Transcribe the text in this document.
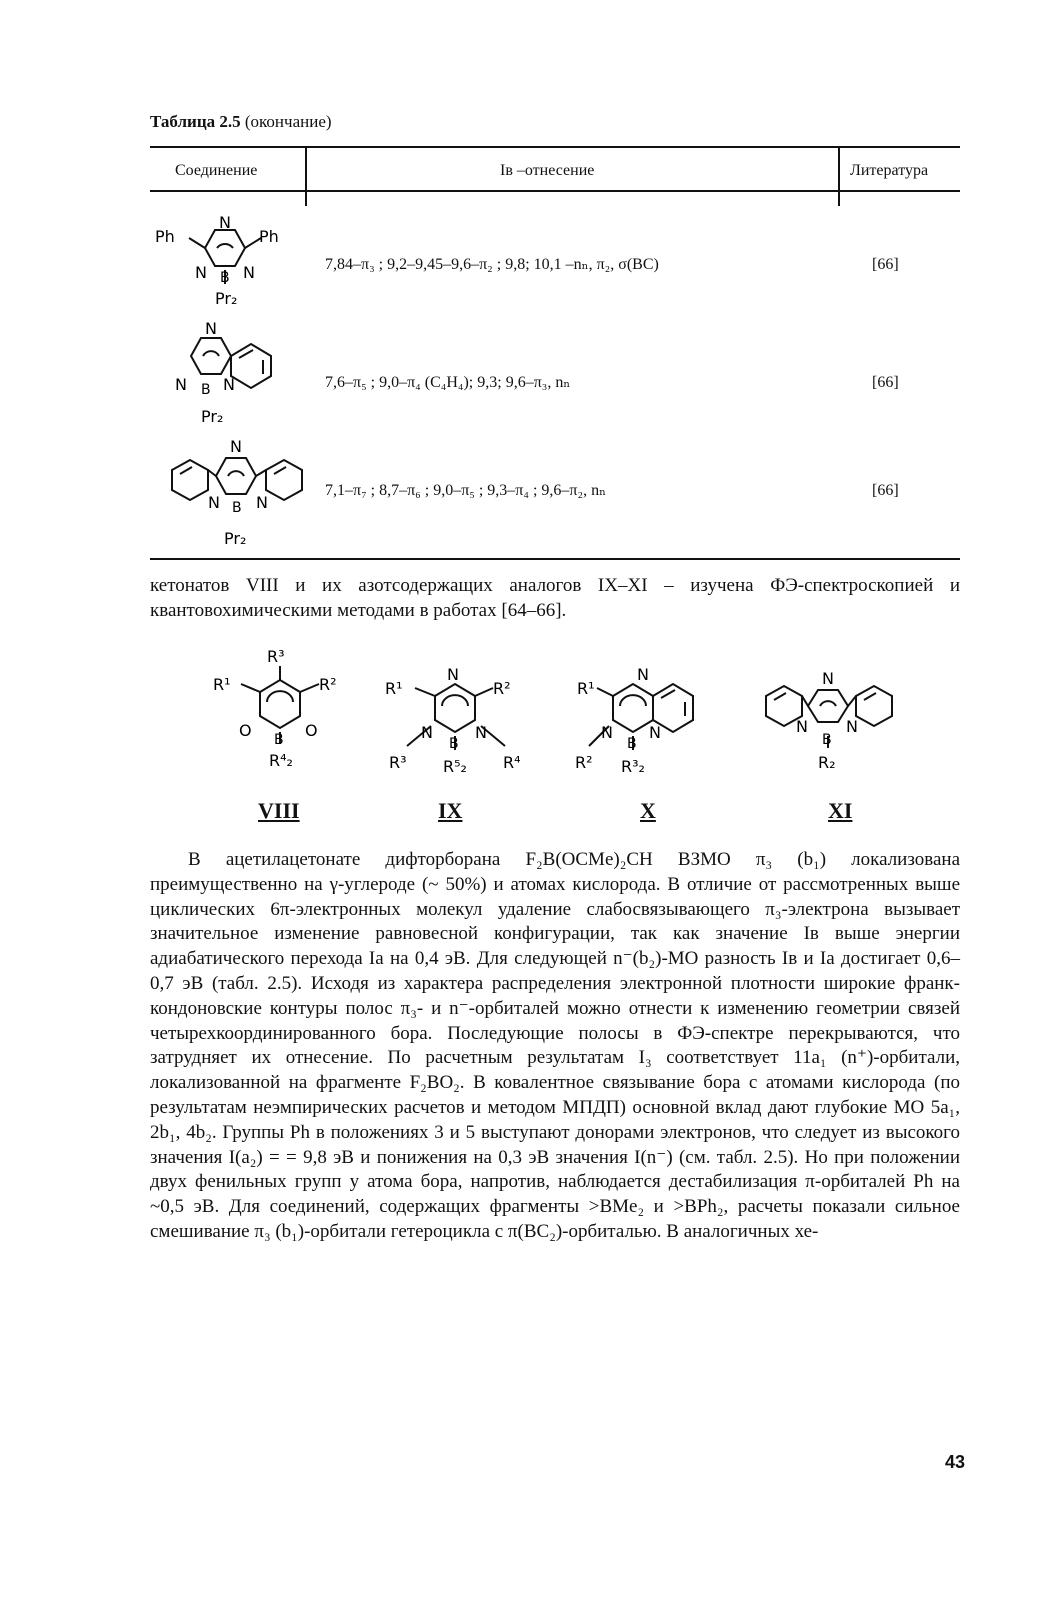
Таблица 2.5 (окончание)
Соединение	Iв –отнесение	Литература
Ph
N
Ph
N B N
Pr₂
7,84–π₃ ; 9,2–9,45–9,6–π₂ ; 9,8; 10,1 –nₙ, π₂, σ(BC)	[66]
N
N B N
Pr₂
7,6–π₅ ; 9,0–π₄ (C₄H₄); 9,3; 9,6–π₃, nₙ	[66]
N
N B N
Pr₂
7,1–π₇ ; 8,7–π₆ ; 9,0–π₅ ; 9,3–π₄ ; 9,6–π₂, nₙ	[66]

кетонатов VIII и их азотсодержащих аналогов IX–XI – изучена ФЭ-спектроскопией и квантовохимическими методами в работах [64–66].

R³
R¹	R²
O	O
B
R⁴₂
VIII
R¹
N
R²
N
B
N
R³ R⁵₂ R⁴
IX
R¹
N
N
B
N
R² R³₂
X
N
N
B
N
R₂
XI

В ацетилацетонате дифторборана F₂B(OCMe)₂CH ВЗМО π₃ (b₁) локализована преимущественно на γ-углероде (~ 50%) и атомах кислорода. В отличие от рассмотренных выше циклических 6π-электронных молекул удаление слабосвязывающего π₃-электрона вызывает значительное изменение равновесной конфигурации, так как значение Iв выше энергии адиабатического перехода Iа на 0,4 эВ. Для следующей n⁻(b₂)-МО разность Iв и Iа достигает 0,6–0,7 эВ (табл. 2.5). Исходя из характера распределения электронной плотности широкие франк-кондоновские контуры полос π₃- и n⁻-орбиталей можно отнести к изменению геометрии связей четырехкоординированного бора. Последующие полосы в ФЭ-спектре перекрываются, что затрудняет их отнесение. По расчетным результатам I₃ соответствует 11a₁ (n⁺)-орбитали, локализованной на фрагменте F₂BO₂. В ковалентное связывание бора с атомами кислорода (по результатам неэмпирических расчетов и методом МПДП) основной вклад дают глубокие МО 5a₁, 2b₁, 4b₂. Группы Ph в положениях 3 и 5 выступают донорами электронов, что следует из высокого значения I(a₂) = = 9,8 эВ и понижения на 0,3 эВ значения I(n⁻) (см. табл. 2.5). Но при положении двух фенильных групп у атома бора, напротив, наблюдается дестабилизация π-орбиталей Ph на ~0,5 эВ. Для соединений, содержащих фрагменты >BMe₂ и >BPh₂, расчеты показали сильное смешивание π₃ (b₁)-орбитали гетероцикла с π(BC₂)-орбиталью. В аналогичных хе-

43
